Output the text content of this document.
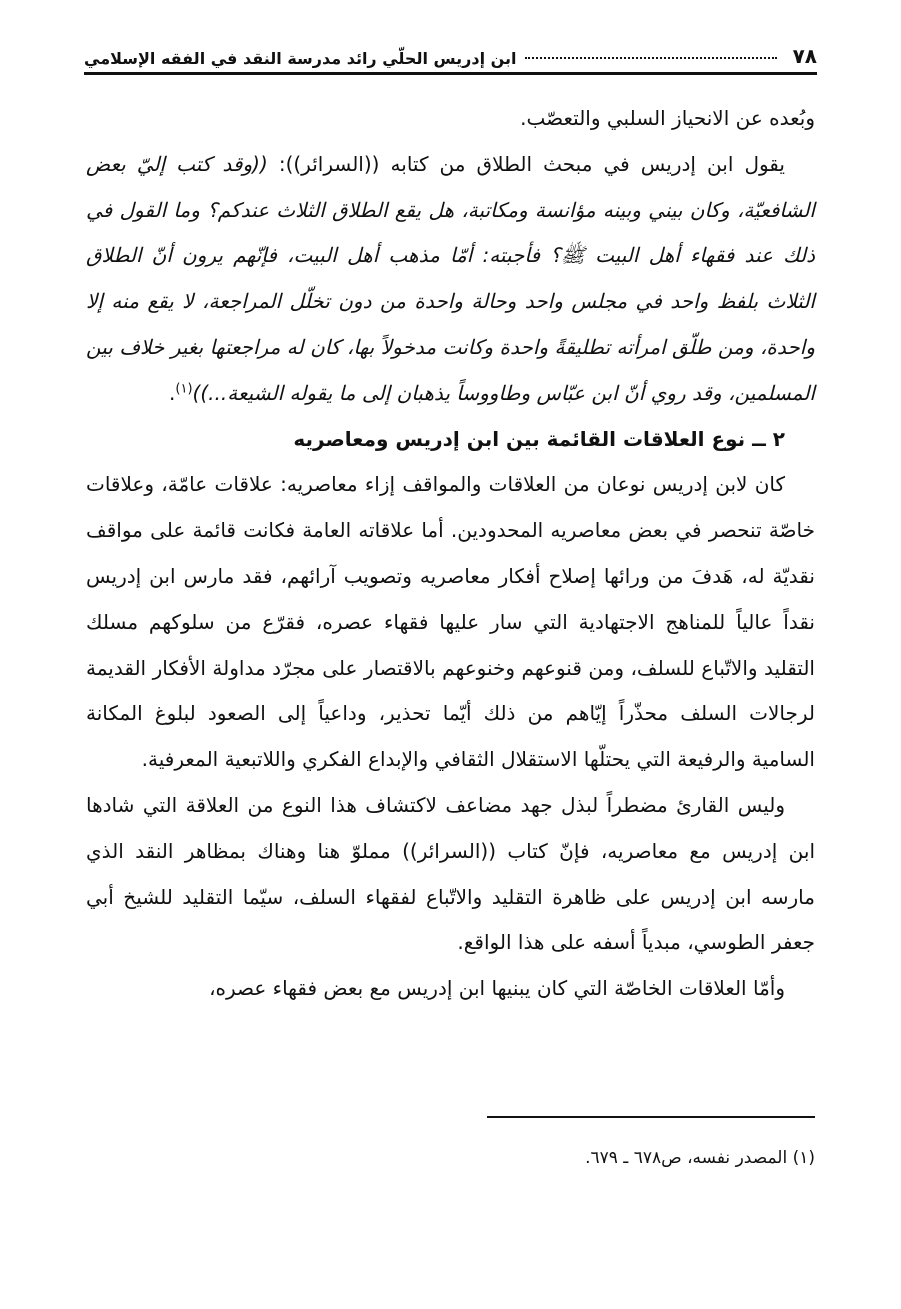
٧٨
ابن إدريس الحلّي رائد مدرسة النقد في الفقه الإسلامي

وبُعده عن الانحياز السلبي والتعصّب.

يقول ابن إدريس في مبحث الطلاق من كتابه ((السرائر)): ((وقد كتب إليّ بعض الشافعيّة، وكان بيني وبينه مؤانسة ومكاتبة، هل يقع الطلاق الثلاث عندكم؟ وما القول في ذلك عند فقهاء أهل البيت ﷺ؟ فأجبته: أمّا مذهب أهل البيت، فإنّهم يرون أنّ الطلاق الثلاث بلفظ واحد في مجلس واحد وحالة واحدة من دون تخلّل المراجعة، لا يقع منه إلا واحدة، ومن طلّق امرأته تطليقةً واحدة وكانت مدخولاً بها، كان له مراجعتها بغير خلاف بين المسلمين، وقد روي أنّ ابن عبّاس وطاووساً يذهبان إلى ما يقوله الشيعة...))$^{(١)}$.

٢ ــ نوع العلاقات القائمة بين ابن إدريس ومعاصريه

كان لابن إدريس نوعان من العلاقات والمواقف إزاء معاصريه: علاقات عامّة، وعلاقات خاصّة تنحصر في بعض معاصريه المحدودين. أما علاقاته العامة فكانت قائمة على مواقف نقديّة له، هَدفَ من ورائها إصلاح أفكار معاصريه وتصويب آرائهم، فقد مارس ابن إدريس نقداً عالياً للمناهج الاجتهادية التي سار عليها فقهاء عصره، فقرّع من سلوكهم مسلك التقليد والاتّباع للسلف، ومن قنوعهم وخنوعهم بالاقتصار على مجرّد مداولة الأفكار القديمة لرجالات السلف محذّراً إيّاهم من ذلك أيّما تحذير، وداعياً إلى الصعود لبلوغ المكانة السامية والرفيعة التي يحتلّها الاستقلال الثقافي والإبداع الفكري واللاتبعية المعرفية.

وليس القارئ مضطراً لبذل جهد مضاعف لاكتشاف هذا النوع من العلاقة التي شادها ابن إدريس مع معاصريه، فإنّ كتاب ((السرائر)) مملوّ هنا وهناك بمظاهر النقد الذي مارسه ابن إدريس على ظاهرة التقليد والاتّباع لفقهاء السلف، سيّما التقليد للشيخ أبي جعفر الطوسي، مبدياً أسفه على هذا الواقع.

وأمّا العلاقات الخاصّة التي كان يبنيها ابن إدريس مع بعض فقهاء عصره،

(١) المصدر نفسه، ص٦٧٨ ـ ٦٧٩.
